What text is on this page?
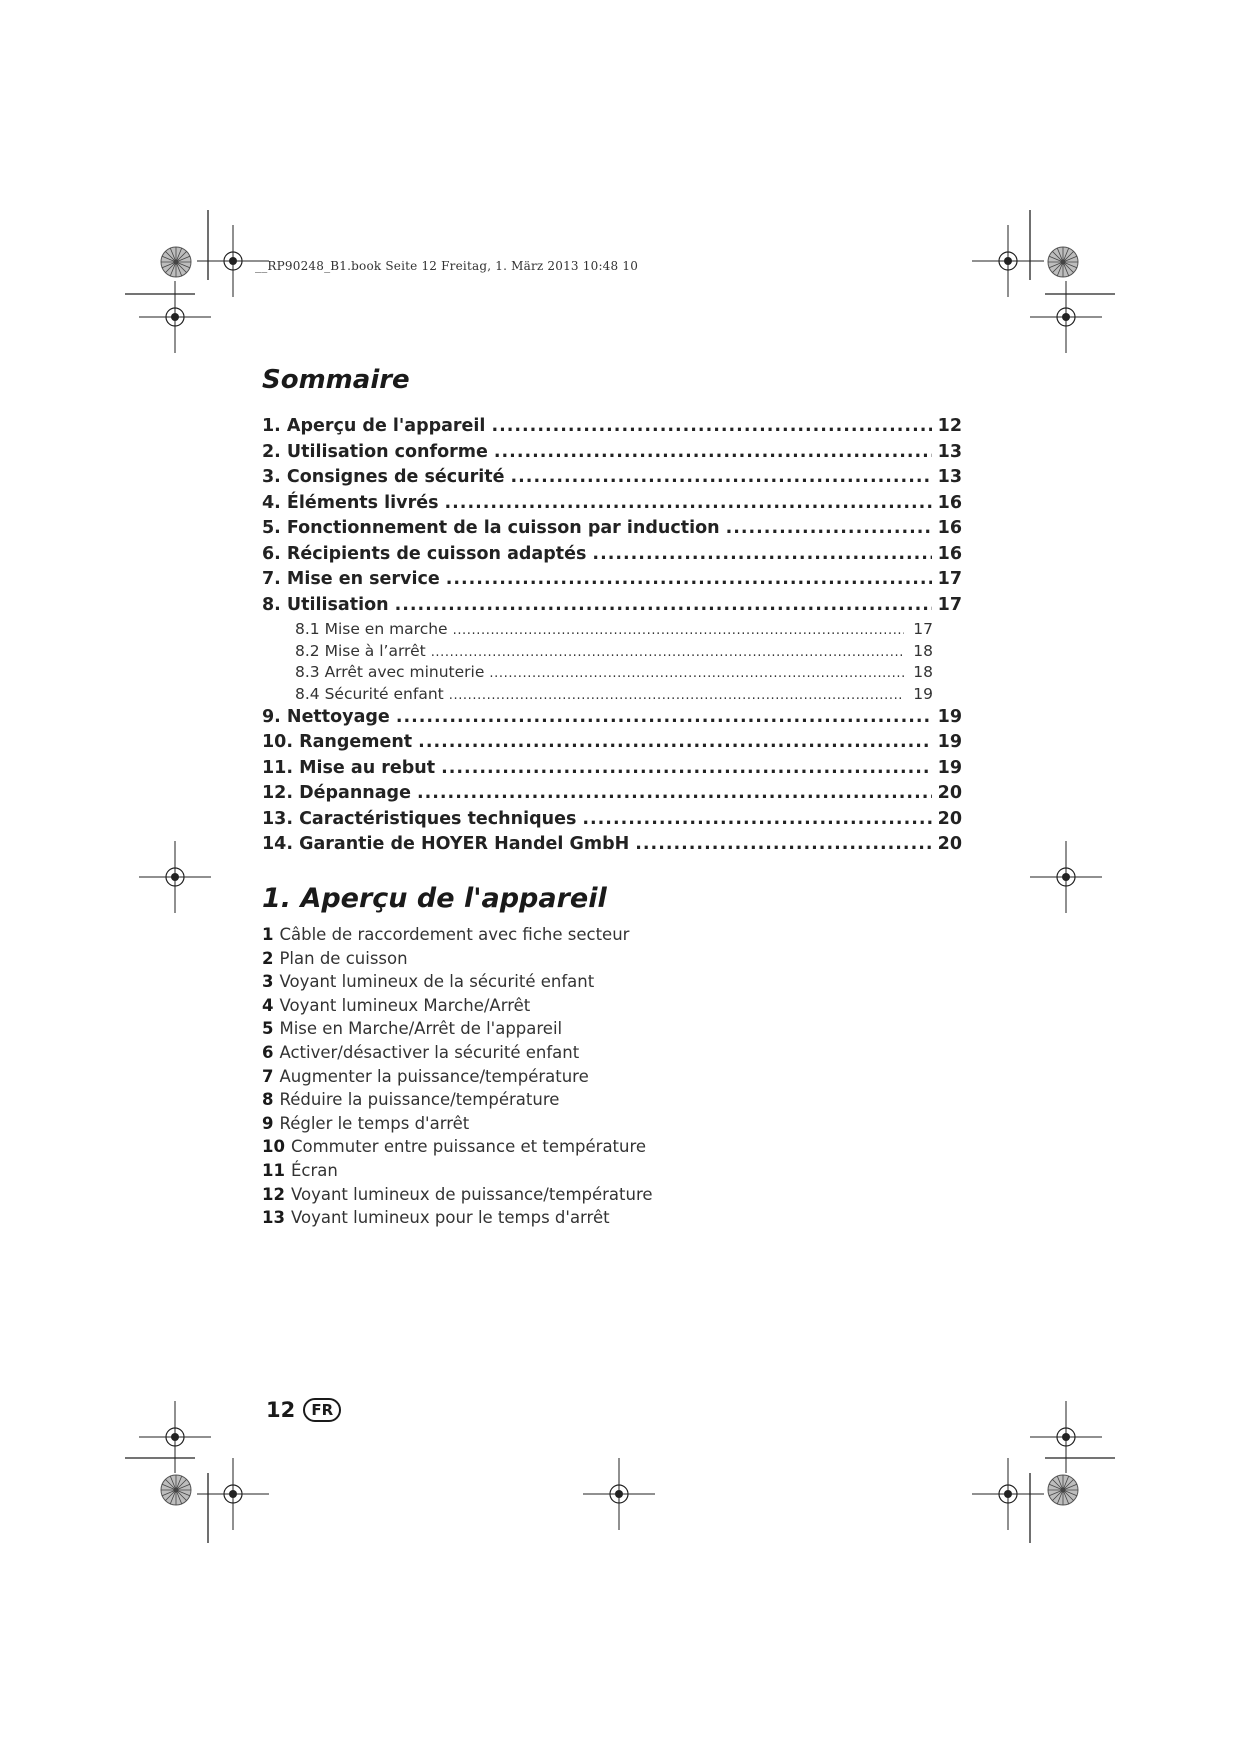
__RP90248_B1.book Seite 12 Freitag, 1. März 2013 10:48 10
Sommaire
1. Aperçu de l'appareil .....	12
2. Utilisation conforme .....	13
3. Consignes de sécurité .....	13
4. Éléments livrés .....	16
5. Fonctionnement de la cuisson par induction .....	16
6. Récipients de cuisson adaptés .....	16
7. Mise en service .....	17
8. Utilisation .....	17
8.1 Mise en marche .....	17
8.2 Mise à l’arrêt .....	18
8.3 Arrêt avec minuterie .....	18
8.4 Sécurité enfant .....	19
9. Nettoyage .....	19
10. Rangement .....	19
11. Mise au rebut .....	19
12. Dépannage .....	20
13. Caractéristiques techniques .....	20
14. Garantie de HOYER Handel GmbH .....	20
1. Aperçu de l'appareil
1 Câble de raccordement avec fiche secteur
2 Plan de cuisson
3 Voyant lumineux de la sécurité enfant
4 Voyant lumineux Marche/Arrêt
5 Mise en Marche/Arrêt de l'appareil
6 Activer/désactiver la sécurité enfant
7 Augmenter la puissance/température
8 Réduire la puissance/température
9 Régler le temps d'arrêt
10 Commuter entre puissance et température
11 Écran
12 Voyant lumineux de puissance/température
13 Voyant lumineux pour le temps d'arrêt
12	FR
